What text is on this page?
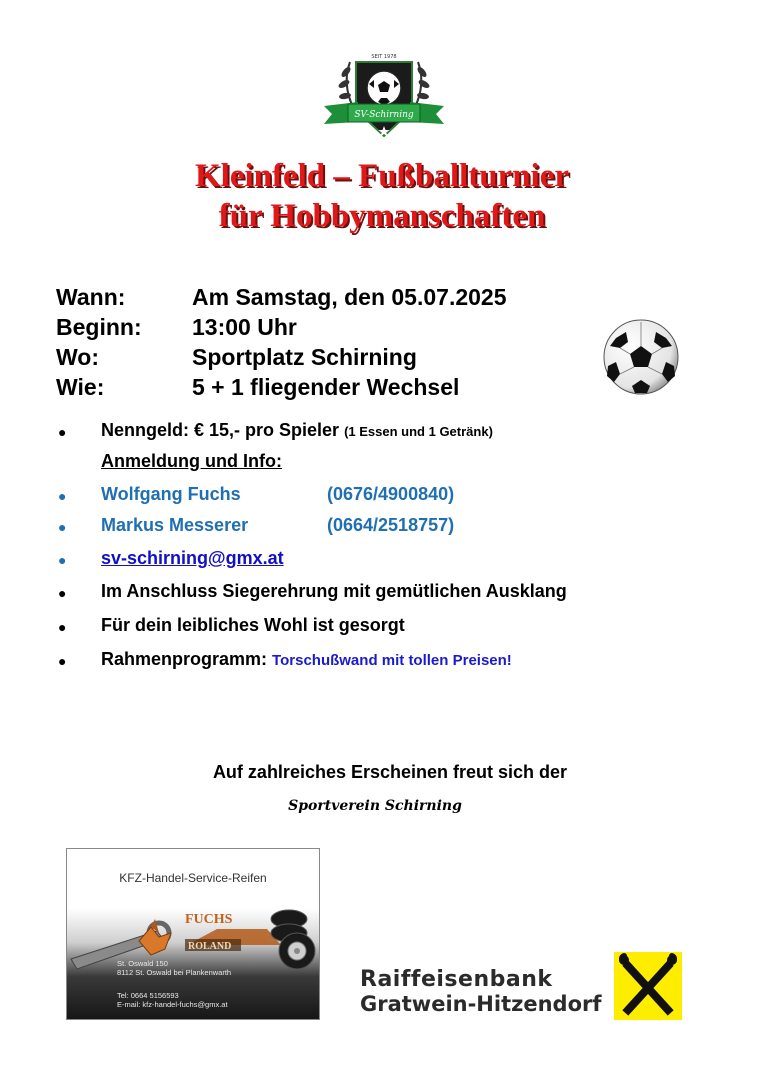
SV-Schirning
SEIT 1978
Kleinfeld – Fußballturnier
für Hobbymanschaften
Wann:	Am Samstag, den 05.07.2025
Beginn: 13:00 Uhr
Wo:	Sportplatz Schirning
Wie:	5 + 1 fliegender Wechsel
● Nenngeld: € 15,- pro Spieler (1 Essen und 1 Getränk)
Anmeldung und Info:
● Wolfgang Fuchs	(0676/4900840)
● Markus Messerer	(0664/2518757)
● sv-schirning@gmx.at
● Im Anschluss Siegerehrung mit gemütlichen Ausklang
● Für dein leibliches Wohl ist gesorgt
● Rahmenprogramm: Torschußwand mit tollen Preisen!
Auf zahlreiches Erscheinen freut sich der
Sportverein Schirning
KFZ-Handel-Service-Reifen
FUCHS
ROLAND
St. Oswald 150
8112 St. Oswald bei Plankenwarth
Tel: 0664 5156593
E-mail: kfz-handel-fuchs@gmx.at
Raiffeisenbank
Gratwein-Hitzendorf
